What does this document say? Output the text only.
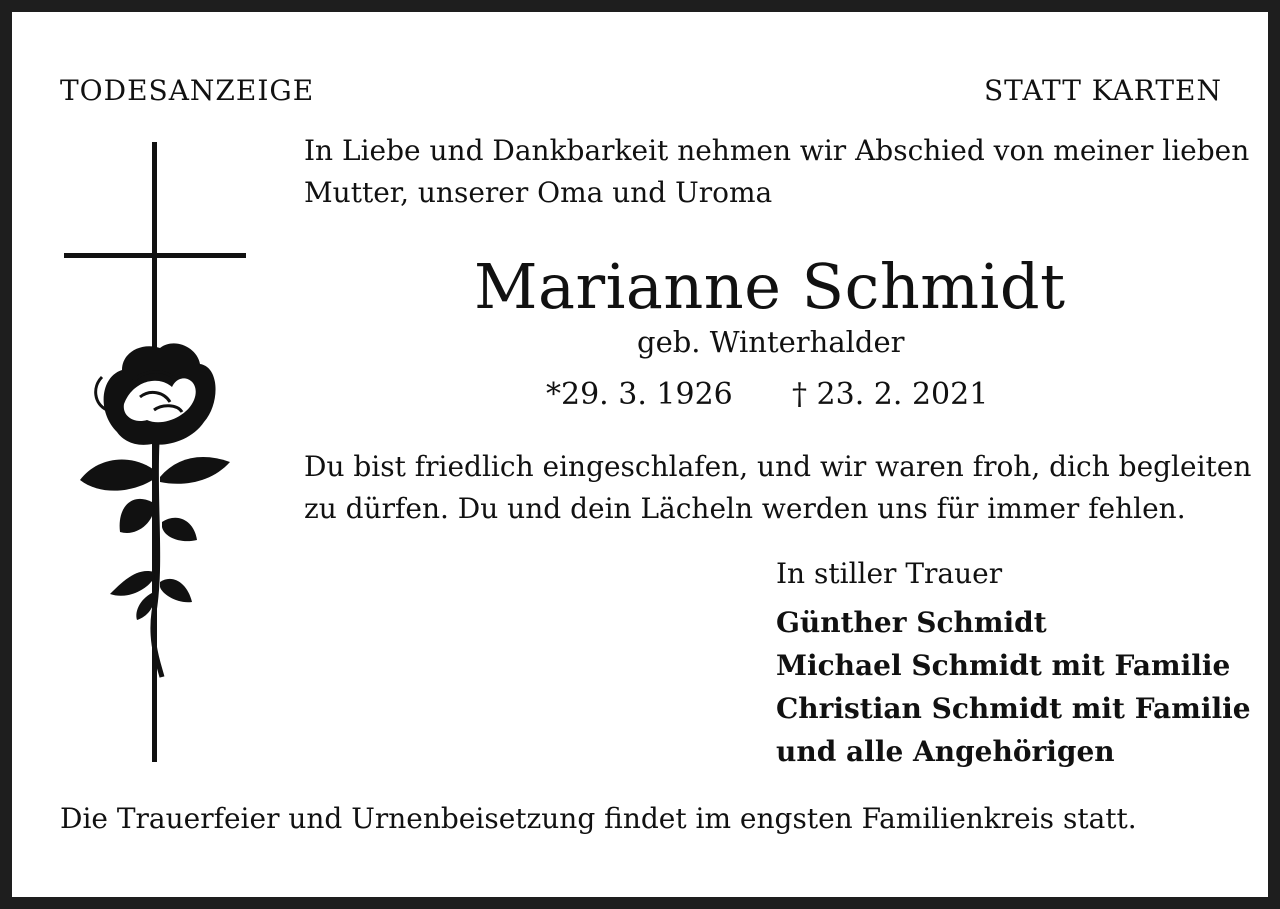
TODESANZEIGE	STATT KARTEN
In Liebe und Dankbarkeit nehmen wir Abschied von meiner lieben
Mutter, unserer Oma und Uroma
Marianne Schmidt
geb. Winterhalder
*29. 3. 1926 † 23. 2. 2021
Du bist friedlich eingeschlafen, und wir waren froh, dich begleiten
zu dürfen. Du und dein Lächeln werden uns für immer fehlen.
In stiller Trauer
Günther Schmidt
Michael Schmidt mit Familie
Christian Schmidt mit Familie
und alle Angehörigen
Die Trauerfeier und Urnenbeisetzung findet im engsten Familienkreis statt.
